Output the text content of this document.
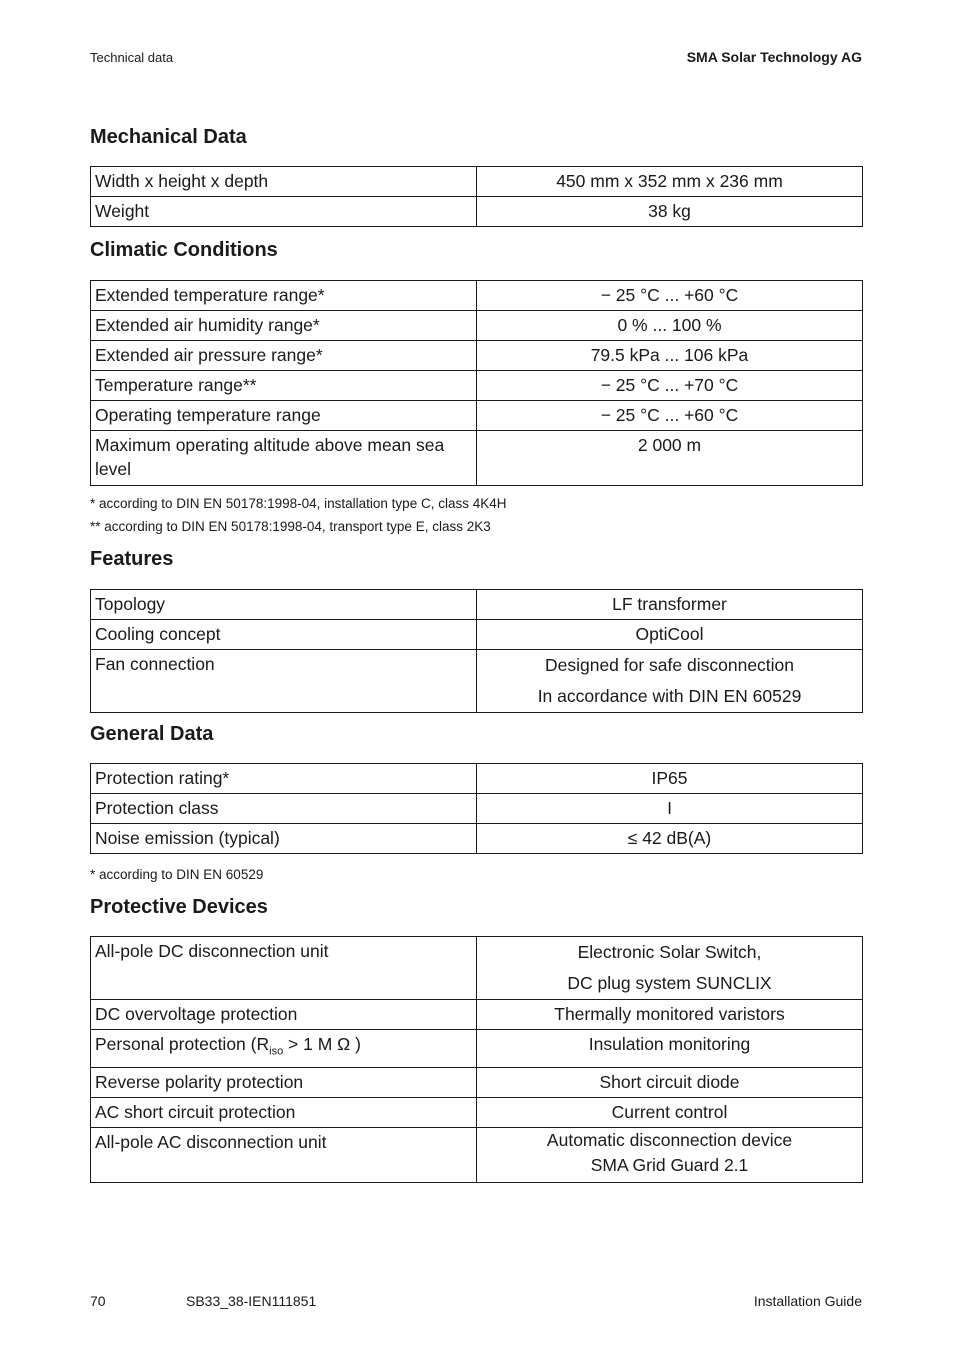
Technical data	SMA Solar Technology AG
Mechanical Data
Width x height x depth	450 mm x 352 mm x 236 mm
Weight	38 kg
Climatic Conditions
Extended temperature range*	− 25 °C ... +60 °C
Extended air humidity range*	0 % ... 100 %
Extended air pressure range*	79.5 kPa ... 106 kPa
Temperature range**	− 25 °C ... +70 °C
Operating temperature range	− 25 °C ... +60 °C
Maximum operating altitude above mean sea level	2 000 m
* according to DIN EN 50178:1998-04, installation type C, class 4K4H
** according to DIN EN 50178:1998-04, transport type E, class 2K3
Features
Topology	LF transformer
Cooling concept	OptiCool
Fan connection	Designed for safe disconnection
In accordance with DIN EN 60529
General Data
Protection rating*	IP65
Protection class	I
Noise emission (typical)	≤ 42 dB(A)
* according to DIN EN 60529
Protective Devices
All-pole DC disconnection unit	Electronic Solar Switch,
DC plug system SUNCLIX

DC overvoltage protection	Thermally monitored varistors
Personal protection ($R_{iso} > 1$ M Ω )	Insulation monitoring
Reverse polarity protection	Short circuit diode
AC short circuit protection	Current control
All-pole AC disconnection unit	Automatic disconnection device
SMA Grid Guard 2.1
70	SB33_38-IEN111851	Installation Guide
